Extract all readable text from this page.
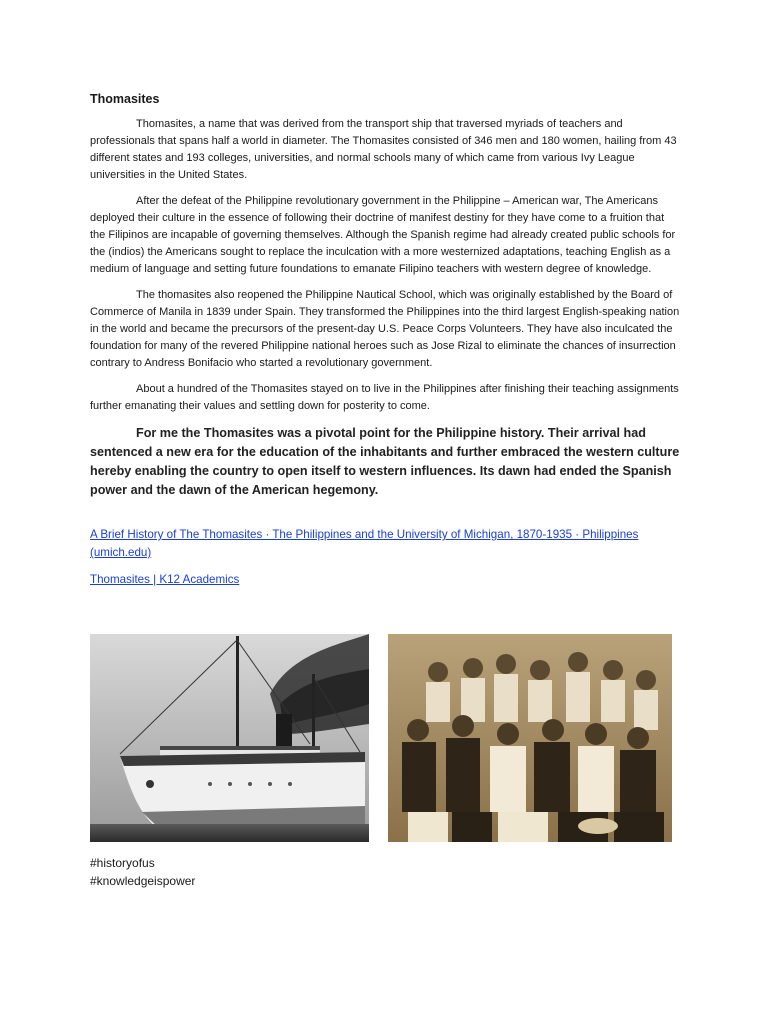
Thomasites

Thomasites, a name that was derived from the transport ship that traversed myriads of teachers and professionals that spans half a world in diameter. The Thomasites consisted of 346 men and 180 women, hailing from 43 different states and 193 colleges, universities, and normal schools many of which came from various Ivy League universities in the United States.

After the defeat of the Philippine revolutionary government in the Philippine – American war, The Americans deployed their culture in the essence of following their doctrine of manifest destiny for they have come to a fruition that the Filipinos are incapable of governing themselves. Although the Spanish regime had already created public schools for the (indios) the Americans sought to replace the inculcation with a more westernized adaptations, teaching English as a medium of language and setting future foundations to emanate Filipino teachers with western degree of knowledge.

The thomasites also reopened the Philippine Nautical School, which was originally established by the Board of Commerce of Manila in 1839 under Spain. They transformed the Philippines into the third largest English-speaking nation in the world and became the precursors of the present-day U.S. Peace Corps Volunteers. They have also inculcated the foundation for many of the revered Philippine national heroes such as Jose Rizal to eliminate the chances of insurrection contrary to Andress Bonifacio who started a revolutionary government.

About a hundred of the Thomasites stayed on to live in the Philippines after finishing their teaching assignments further emanating their values and settling down for posterity to come.

For me the Thomasites was a pivotal point for the Philippine history. Their arrival had sentenced a new era for the education of the inhabitants and further embraced the western culture hereby enabling the country to open itself to western influences. Its dawn had ended the Spanish power and the dawn of the American hegemony.

A Brief History of The Thomasites · The Philippines and the University of Michigan, 1870-1935 · Philippines (umich.edu)
Thomasites | K12 Academics
#historyofus
#knowledgeispower
